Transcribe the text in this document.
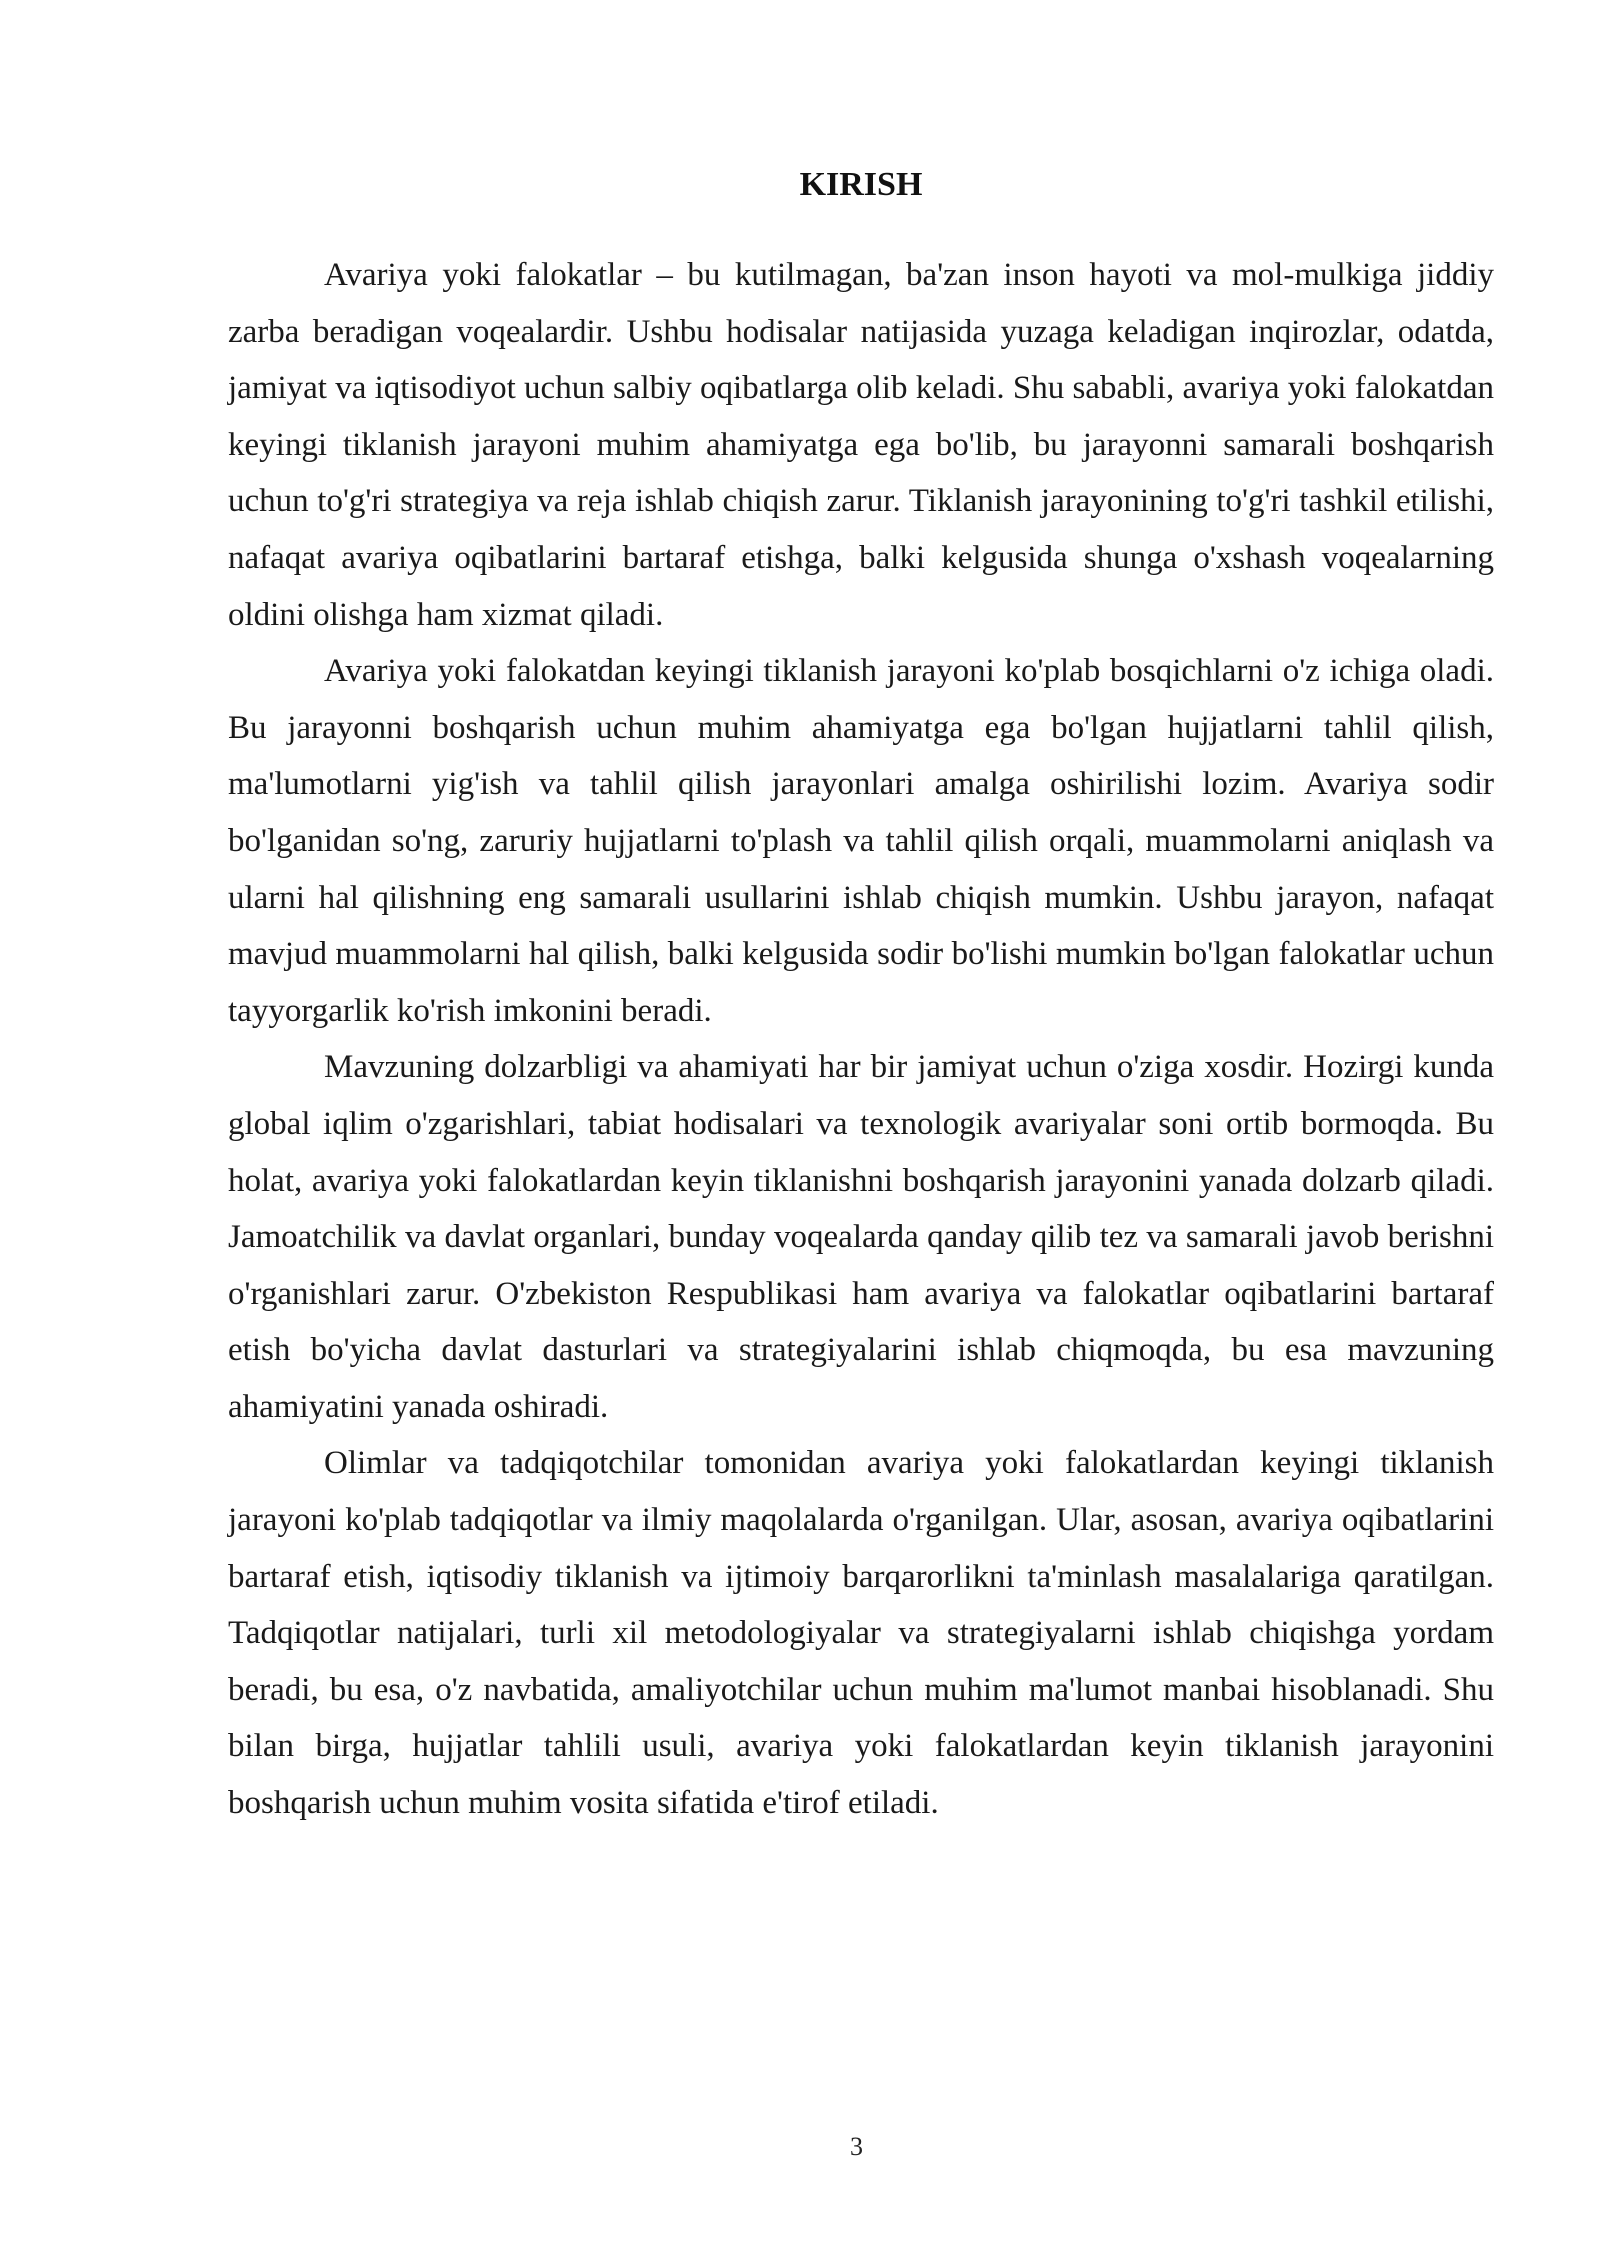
KIRISH

Avariya yoki falokatlar – bu kutilmagan, ba'zan inson hayoti va mol-mulkiga jiddiy zarba beradigan voqealardir. Ushbu hodisalar natijasida yuzaga keladigan inqirozlar, odatda, jamiyat va iqtisodiyot uchun salbiy oqibatlarga olib keladi. Shu sababli, avariya yoki falokatdan keyingi tiklanish jarayoni muhim ahamiyatga ega bo'lib, bu jarayonni samarali boshqarish uchun to'g'ri strategiya va reja ishlab chiqish zarur. Tiklanish jarayonining to'g'ri tashkil etilishi, nafaqat avariya oqibatlarini bartaraf etishga, balki kelgusida shunga o'xshash voqealarning oldini olishga ham xizmat qiladi.

Avariya yoki falokatdan keyingi tiklanish jarayoni ko'plab bosqichlarni o'z ichiga oladi. Bu jarayonni boshqarish uchun muhim ahamiyatga ega bo'lgan hujjatlarni tahlil qilish, ma'lumotlarni yig'ish va tahlil qilish jarayonlari amalga oshirilishi lozim. Avariya sodir bo'lganidan so'ng, zaruriy hujjatlarni to'plash va tahlil qilish orqali, muammolarni aniqlash va ularni hal qilishning eng samarali usullarini ishlab chiqish mumkin. Ushbu jarayon, nafaqat mavjud muammolarni hal qilish, balki kelgusida sodir bo'lishi mumkin bo'lgan falokatlar uchun tayyorgarlik ko'rish imkonini beradi.

Mavzuning dolzarbligi va ahamiyati har bir jamiyat uchun o'ziga xosdir. Hozirgi kunda global iqlim o'zgarishlari, tabiat hodisalari va texnologik avariyalar soni ortib bormoqda. Bu holat, avariya yoki falokatlardan keyin tiklanishni boshqarish jarayonini yanada dolzarb qiladi. Jamoatchilik va davlat organlari, bunday voqealarda qanday qilib tez va samarali javob berishni o'rganishlari zarur. O'zbekiston Respublikasi ham avariya va falokatlar oqibatlarini bartaraf etish bo'yicha davlat dasturlari va strategiyalarini ishlab chiqmoqda, bu esa mavzuning ahamiyatini yanada oshiradi.

Olimlar va tadqiqotchilar tomonidan avariya yoki falokatlardan keyingi tiklanish jarayoni ko'plab tadqiqotlar va ilmiy maqolalarda o'rganilgan. Ular, asosan, avariya oqibatlarini bartaraf etish, iqtisodiy tiklanish va ijtimoiy barqarorlikni ta'minlash masalalariga qaratilgan. Tadqiqotlar natijalari, turli xil metodologiyalar va strategiyalarni ishlab chiqishga yordam beradi, bu esa, o'z navbatida, amaliyotchilar uchun muhim ma'lumot manbai hisoblanadi. Shu bilan birga, hujjatlar tahlili usuli, avariya yoki falokatlardan keyin tiklanish jarayonini boshqarish uchun muhim vosita sifatida e'tirof etiladi.

3
